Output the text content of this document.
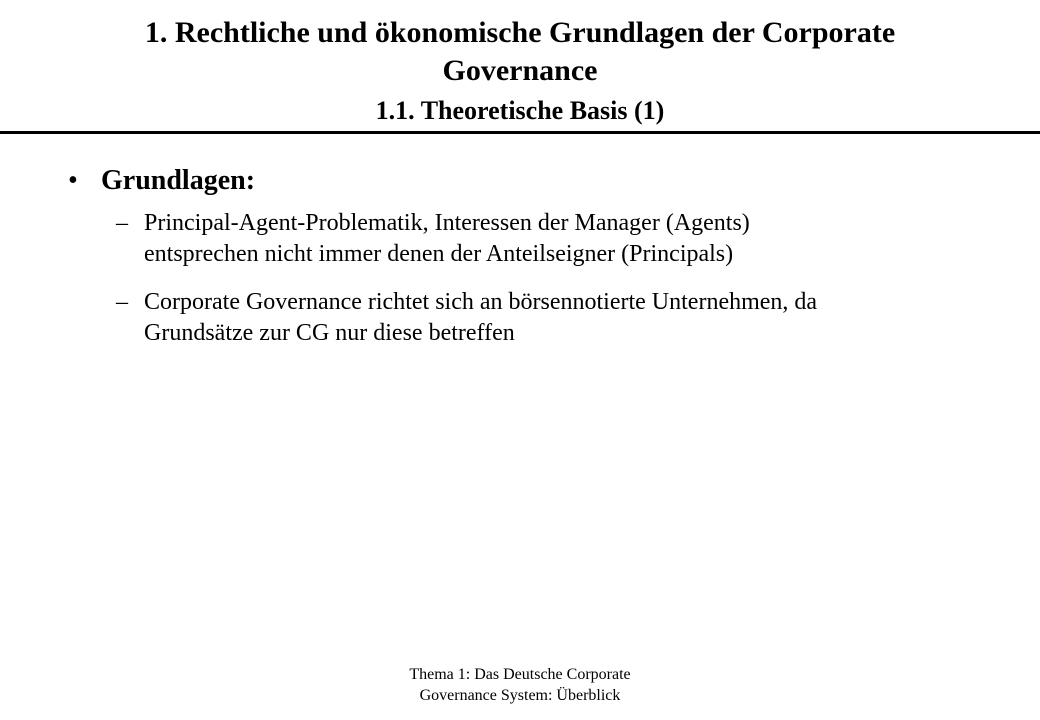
1. Rechtliche und ökonomische Grundlagen der Corporate
Governance
1.1. Theoretische Basis (1)
• Grundlagen:
– Principal-Agent-Problematik, Interessen der Manager (Agents)
entsprechen nicht immer denen der Anteilseigner (Principals)
– Corporate Governance richtet sich an börsennotierte Unternehmen, da
Grundsätze zur CG nur diese betreffen
Thema 1: Das Deutsche Corporate
Governance System: Überblick
